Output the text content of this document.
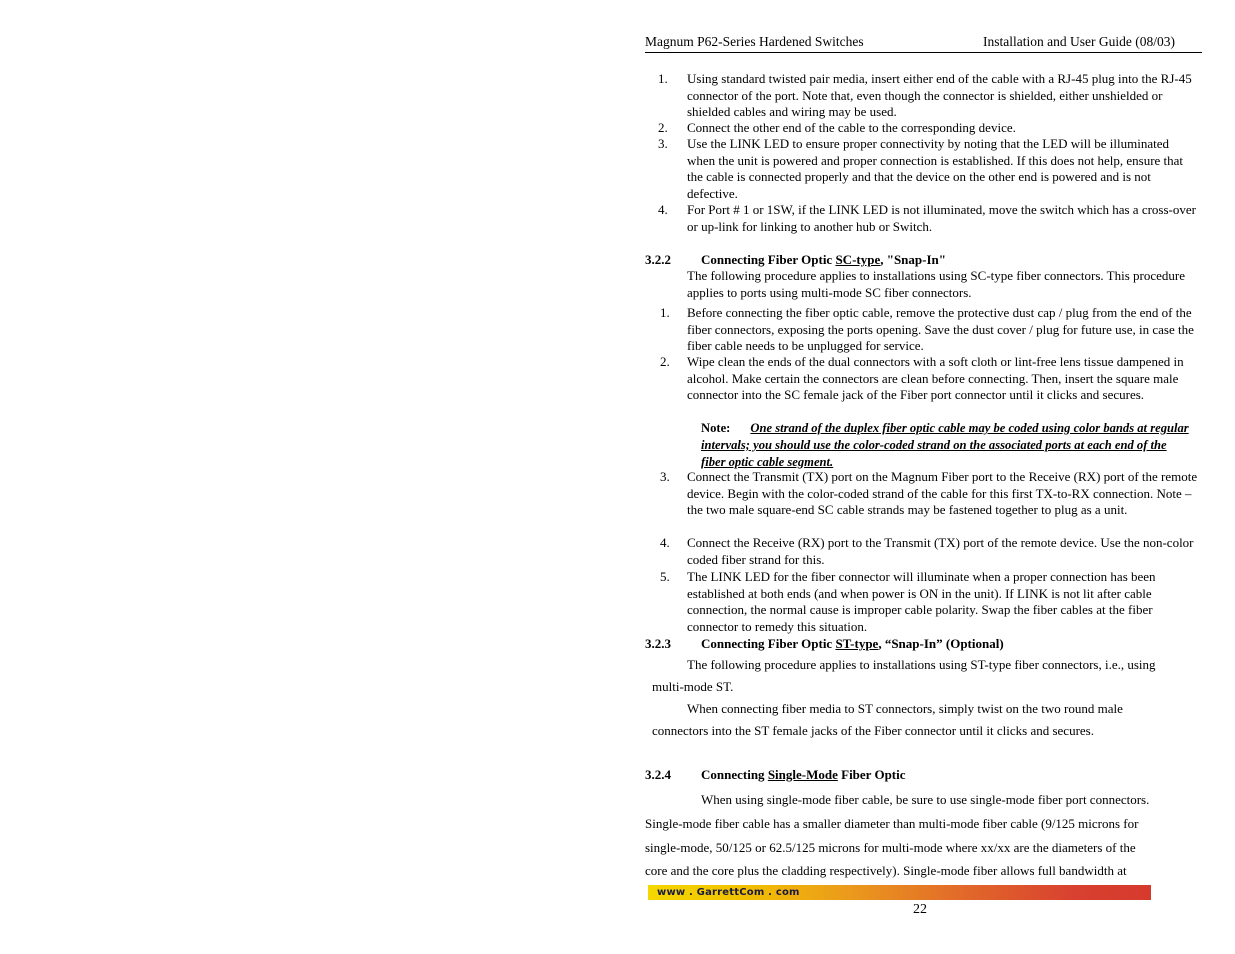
Magnum P62-Series Hardened Switches	Installation and User Guide (08/03)
1. Using standard twisted pair media, insert either end of the cable with a RJ-45 plug into the RJ-45 connector of the port. Note that, even though the connector is shielded, either unshielded or shielded cables and wiring may be used.
2. Connect the other end of the cable to the corresponding device.
3. Use the LINK LED to ensure proper connectivity by noting that the LED will be illuminated when the unit is powered and proper connection is established. If this does not help, ensure that the cable is connected properly and that the device on the other end is powered and is not defective.
4. For Port # 1 or 1SW, if the LINK LED is not illuminated, move the switch which has a cross-over or up-link for linking to another hub or Switch.
3.2.2 Connecting Fiber Optic SC-type, "Snap-In"
The following procedure applies to installations using SC-type fiber connectors. This procedure applies to ports using multi-mode SC fiber connectors.
1. Before connecting the fiber optic cable, remove the protective dust cap / plug from the end of the fiber connectors, exposing the ports opening. Save the dust cover / plug for future use, in case the fiber cable needs to be unplugged for service.
2. Wipe clean the ends of the dual connectors with a soft cloth or lint-free lens tissue dampened in alcohol. Make certain the connectors are clean before connecting. Then, insert the square male connector into the SC female jack of the Fiber port connector until it clicks and secures.
Note: One strand of the duplex fiber optic cable may be coded using color bands at regular intervals; you should use the color-coded strand on the associated ports at each end of the fiber optic cable segment.
3. Connect the Transmit (TX) port on the Magnum Fiber port to the Receive (RX) port of the remote device. Begin with the color-coded strand of the cable for this first TX-to-RX connection. Note – the two male square-end SC cable strands may be fastened together to plug as a unit.
4. Connect the Receive (RX) port to the Transmit (TX) port of the remote device. Use the non-color coded fiber strand for this.
5. The LINK LED for the fiber connector will illuminate when a proper connection has been established at both ends (and when power is ON in the unit). If LINK is not lit after cable connection, the normal cause is improper cable polarity. Swap the fiber cables at the fiber connector to remedy this situation.
3.2.3 Connecting Fiber Optic ST-type, “Snap-In” (Optional)
The following procedure applies to installations using ST-type fiber connectors, i.e., using
multi-mode ST.
When connecting fiber media to ST connectors, simply twist on the two round male
connectors into the ST female jacks of the Fiber connector until it clicks and secures.
3.2.4 Connecting Single-Mode Fiber Optic
When using single-mode fiber cable, be sure to use single-mode fiber port connectors.
Single-mode fiber cable has a smaller diameter than multi-mode fiber cable (9/125 microns for
single-mode, 50/125 or 62.5/125 microns for multi-mode where xx/xx are the diameters of the
core and the core plus the cladding respectively). Single-mode fiber allows full bandwidth at
www . GarrettCom . com
22
